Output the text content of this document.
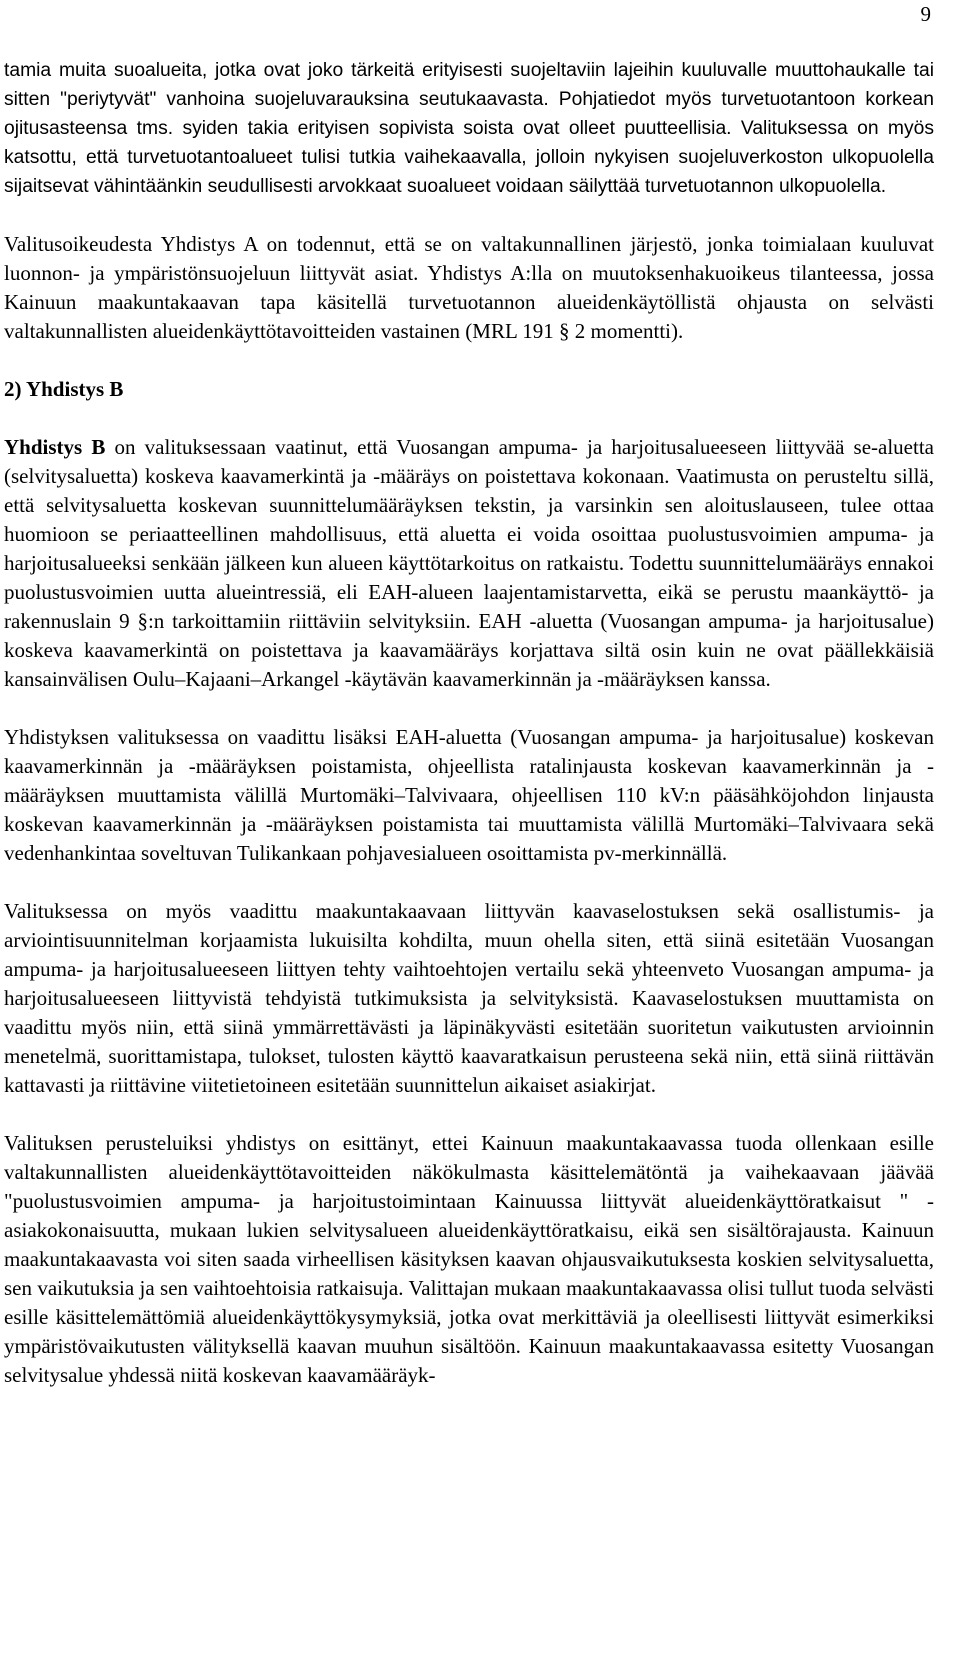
9

tamia muita suoalueita, jotka ovat joko tärkeitä erityisesti suojeltaviin lajeihin kuuluvalle muuttohaukalle tai sitten "periytyvät" vanhoina suojeluvarauksina seutukaavasta. Pohjatiedot myös turvetuotantoon korkean ojitusasteensa tms. syiden takia erityisen sopivista soista ovat olleet puutteellisia. Valituksessa on myös katsottu, että turvetuotantoalueet tulisi tutkia vaihekaavalla, jolloin nykyisen suojeluverkoston ulkopuolella sijaitsevat vähintäänkin seudullisesti arvokkaat suoalueet voidaan säilyttää turvetuotannon ulkopuolella.

Valitusoikeudesta Yhdistys A on todennut, että se on valtakunnallinen järjestö, jonka toimialaan kuuluvat luonnon- ja ympäristönsuojeluun liittyvät asiat. Yhdistys A:lla on muutoksenhakuoikeus tilanteessa, jossa Kainuun maakuntakaavan tapa käsitellä turvetuotannon alueidenkäytöllistä ohjausta on selvästi valtakunnallisten alueidenkäyttötavoitteiden vastainen (MRL 191 § 2 momentti).

2) Yhdistys B

Yhdistys B on valituksessaan vaatinut, että Vuosangan ampuma- ja harjoitusalueeseen liittyvää se-aluetta (selvitysaluetta) koskeva kaavamerkintä ja -määräys on poistettava kokonaan. Vaatimusta on perusteltu sillä, että selvitysaluetta koskevan suunnittelumääräyksen tekstin, ja varsinkin sen aloituslauseen, tulee ottaa huomioon se periaatteellinen mahdollisuus, että aluetta ei voida osoittaa puolustusvoimien ampuma- ja harjoitusalueeksi senkään jälkeen kun alueen käyttötarkoitus on ratkaistu. Todettu suunnittelumääräys ennakoi puolustusvoimien uutta alueintressiä, eli EAH-alueen laajentamistarvetta, eikä se perustu maankäyttö- ja rakennuslain 9 §:n tarkoittamiin riittäviin selvityksiin. EAH -aluetta (Vuosangan ampuma- ja harjoitusalue) koskeva kaavamerkintä on poistettava ja kaavamääräys korjattava siltä osin kuin ne ovat päällekkäisiä kansainvälisen Oulu–Kajaani–Arkangel -käytävän kaavamerkinnän ja -määräyksen kanssa.

Yhdistyksen valituksessa on vaadittu lisäksi EAH-aluetta (Vuosangan ampuma- ja harjoitusalue) koskevan kaavamerkinnän ja -määräyksen poistamista, ohjeellista ratalinjausta koskevan kaavamerkinnän ja -määräyksen muuttamista välillä Murtomäki–Talvivaara, ohjeellisen 110 kV:n pääsähköjohdon linjausta koskevan kaavamerkinnän ja -määräyksen poistamista tai muuttamista välillä Murtomäki–Talvivaara sekä vedenhankintaa soveltuvan Tulikankaan pohjavesialueen osoittamista pv-merkinnällä.

Valituksessa on myös vaadittu maakuntakaavaan liittyvän kaavaselostuksen sekä osallistumis- ja arviointisuunnitelman korjaamista lukuisilta kohdilta, muun ohella siten, että siinä esitetään Vuosangan ampuma- ja harjoitusalueeseen liittyen tehty vaihtoehtojen vertailu sekä yhteenveto Vuosangan ampuma- ja harjoitusalueeseen liittyvistä tehdyistä tutkimuksista ja selvityksistä. Kaavaselostuksen muuttamista on vaadittu myös niin, että siinä ymmärrettävästi ja läpinäkyvästi esitetään suoritetun vaikutusten arvioinnin menetelmä, suorittamistapa, tulokset, tulosten käyttö kaavaratkaisun perusteena sekä niin, että siinä riittävän kattavasti ja riittävine viitetietoineen esitetään suunnittelun aikaiset asiakirjat.

Valituksen perusteluiksi yhdistys on esittänyt, ettei Kainuun maakuntakaavassa tuoda ollenkaan esille valtakunnallisten alueidenkäyttötavoitteiden näkökulmasta käsittelemätöntä ja vaihekaavaan jäävää "puolustusvoimien ampuma- ja harjoitustoimintaan Kainuussa liittyvät alueidenkäyttöratkaisut " -asiakokonaisuutta, mukaan lukien selvitysalueen alueidenkäyttöratkaisu, eikä sen sisältörajausta. Kainuun maakuntakaavasta voi siten saada virheellisen käsityksen kaavan ohjausvaikutuksesta koskien selvitysaluetta, sen vaikutuksia ja sen vaihtoehtoisia ratkaisuja. Valittajan mukaan maakuntakaavassa olisi tullut tuoda selvästi esille käsittelemättömiä alueidenkäyttökysymyksiä, jotka ovat merkittäviä ja oleellisesti liittyvät esimerkiksi ympäristövaikutusten välityksellä kaavan muuhun sisältöön. Kainuun maakuntakaavassa esitetty Vuosangan selvitysalue yhdessä niitä koskevan kaavamääräyk-
